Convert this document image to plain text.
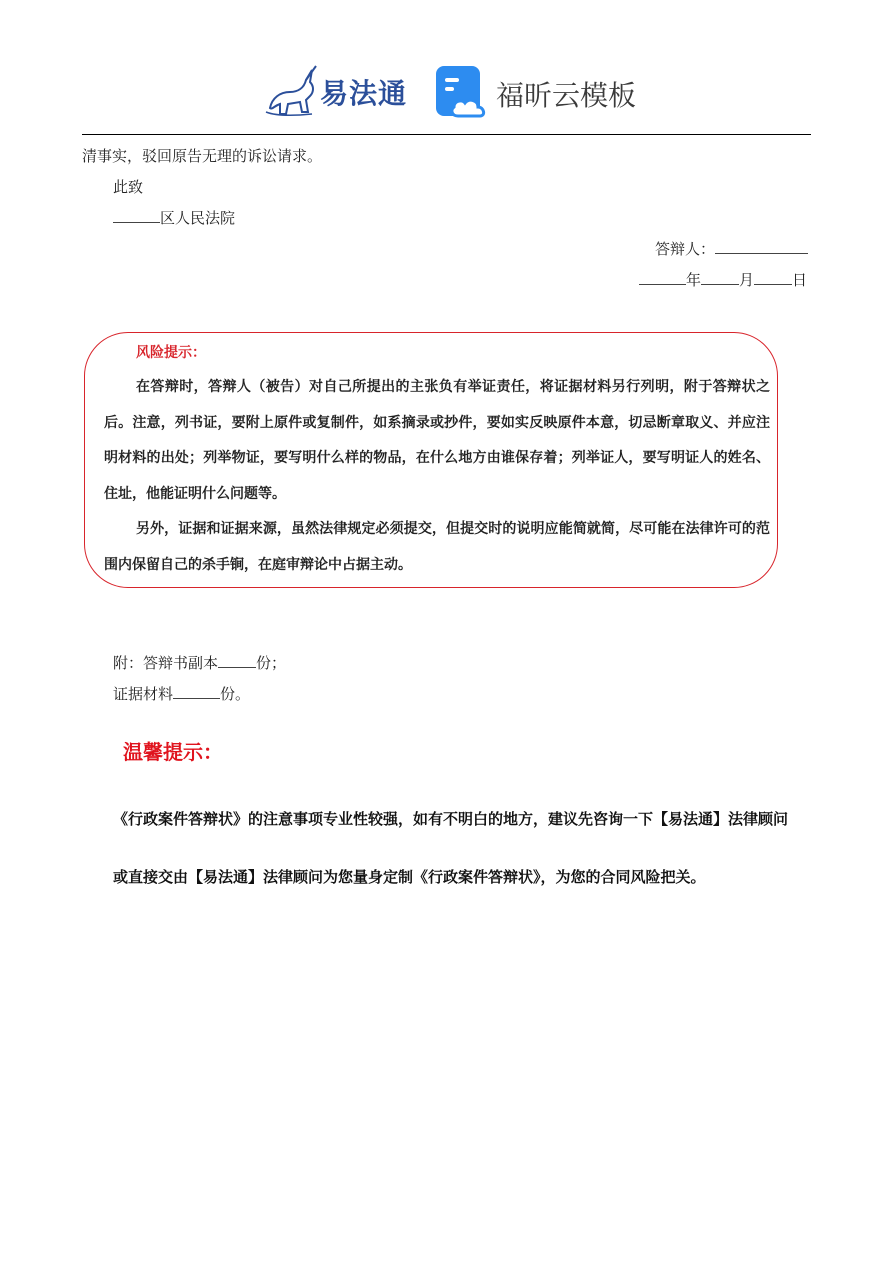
易法通	福昕云模板
清事实，驳回原告无理的诉讼请求。
此致
区人民法院
答辩人：
年	月	日
风险提示：

在答辩时，答辩人（被告）对自己所提出的主张负有举证责任，将证据材料另行列明，附于答辩状之后。注意，列书证，要附上原件或复制件，如系摘录或抄件，要如实反映原件本意，切忌断章取义、并应注明材料的出处；列举物证，要写明什么样的物品，在什么地方由谁保存着；列举证人，要写明证人的姓名、住址，他能证明什么问题等。

另外，证据和证据来源，虽然法律规定必须提交，但提交时的说明应能简就简，尽可能在法律许可的范围内保留自己的杀手锏，在庭审辩论中占据主动。

附：答辩书副本	份；
证据材料	份。
温馨提示：

《行政案件答辩状》的注意事项专业性较强，如有不明白的地方，建议先咨询一下【易法通】法律顾问

或直接交由【易法通】法律顾问为您量身定制《行政案件答辩状》，为您的合同风险把关。
